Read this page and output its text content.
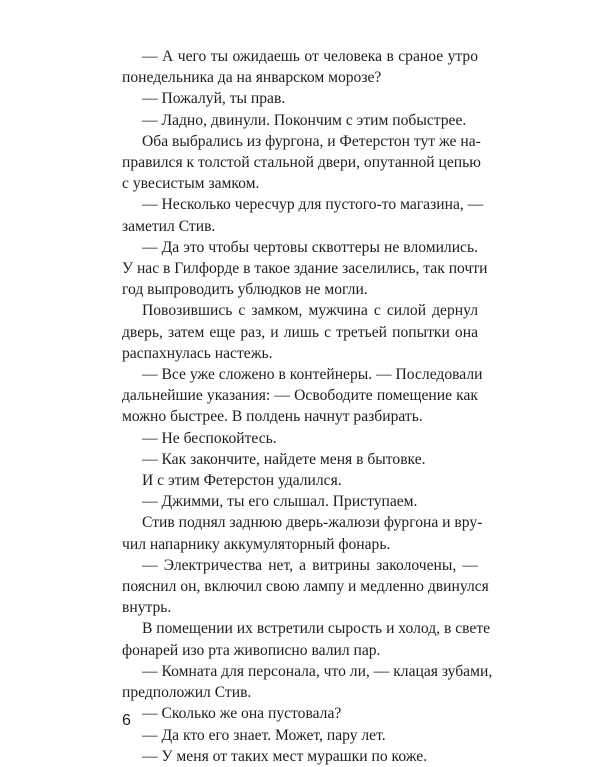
— А чего ты ожидаешь от человека в сраное утро
понедельника да на январском морозе?

— Пожалуй, ты прав.

— Ладно, двинули. Покончим с этим побыстрее.

Оба выбрались из фургона, и Фетерстон тут же на-
правился к толстой стальной двери, опутанной цепью
с увесистым замком.

— Несколько чересчур для пустого-то магазина, —
заметил Стив.

— Да это чтобы чертовы сквоттеры не вломились.
У нас в Гилфорде в такое здание заселились, так почти
год выпроводить ублюдков не могли.

Повозившись с замком, мужчина с силой дернул
дверь, затем еще раз, и лишь с третьей попытки она
распахнулась настежь.

— Все уже сложено в контейнеры. — Последовали
дальнейшие указания: — Освободите помещение как
можно быстрее. В полдень начнут разбирать.

— Не беспокойтесь.

— Как закончите, найдете меня в бытовке.

И с этим Фетерстон удалился.

— Джимми, ты его слышал. Приступаем.

Стив поднял заднюю дверь-жалюзи фургона и вру-
чил напарнику аккумуляторный фонарь.

— Электричества нет, а витрины заколочены, —
пояснил он, включил свою лампу и медленно двинулся
внутрь.

В помещении их встретили сырость и холод, в свете
фонарей изо рта живописно валил пар.

— Комната для персонала, что ли, — клацая зубами,
предположил Стив.

— Сколько же она пустовала?

— Да кто его знает. Может, пару лет.

— У меня от таких мест мурашки по коже.

6
